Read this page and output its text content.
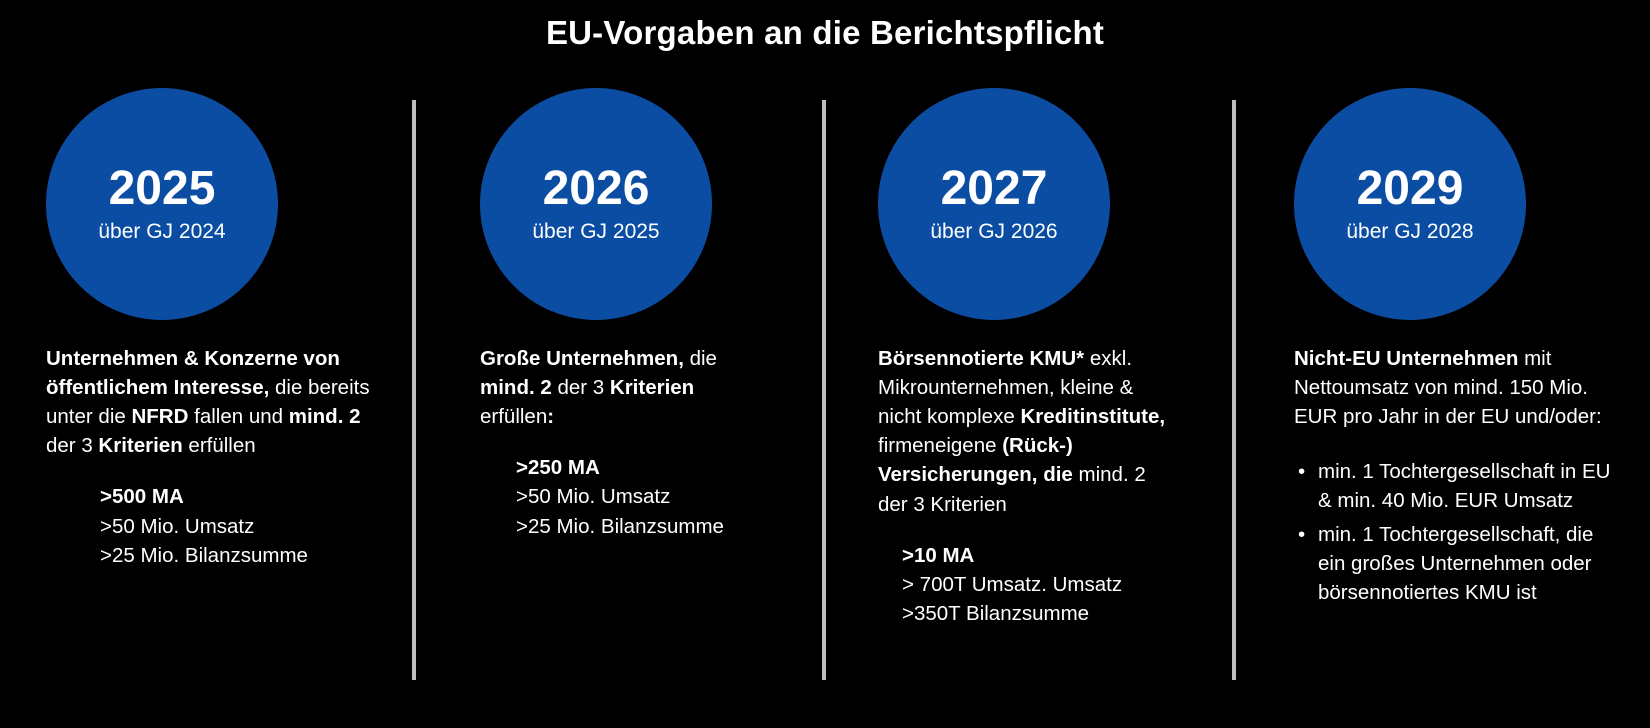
EU-Vorgaben an die Berichtspflicht
2025
über GJ 2024
Unternehmen & Konzerne von öffentlichem Interesse, die bereits unter die NFRD fallen und mind. 2 der 3 Kriterien erfüllen
>500 MA
>50 Mio. Umsatz
>25 Mio. Bilanzsumme
2026
über GJ 2025
Große Unternehmen, die mind. 2 der 3 Kriterien erfüllen:
>250 MA
>50 Mio. Umsatz
>25 Mio. Bilanzsumme
2027
über GJ 2026
Börsennotierte KMU* exkl. Mikrounternehmen, kleine & nicht komplexe Kreditinstitute, firmeneigene (Rück-) Versicherungen, die mind. 2 der 3 Kriterien
>10 MA
> 700T Umsatz. Umsatz
>350T Bilanzsumme
2029
über GJ 2028
Nicht-EU Unternehmen mit Nettoumsatz von mind. 150 Mio. EUR pro Jahr in der EU und/oder:
• min. 1 Tochtergesellschaft in EU & min. 40 Mio. EUR Umsatz
• min. 1 Tochtergesellschaft, die ein großes Unternehmen oder börsennotiertes KMU ist
